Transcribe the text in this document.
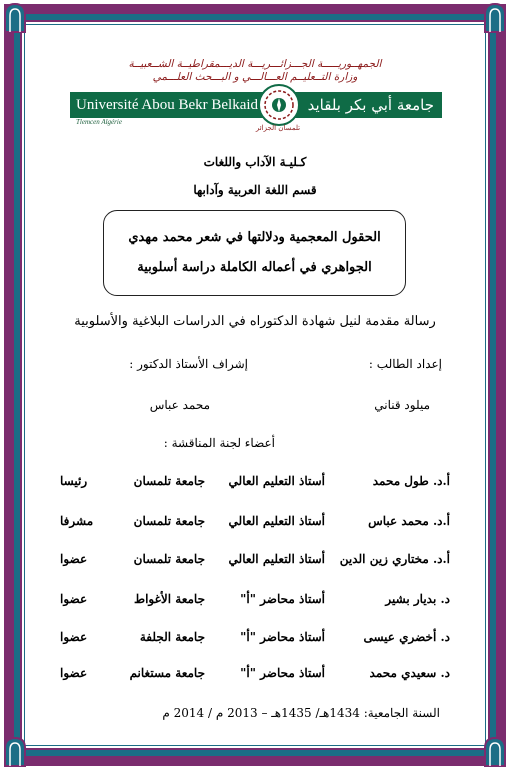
الجمهــوريـــــة الجـــزائـــريـــة الديـــمقراطيــة الشــعبيــة
وزارة التــعليــم العـــالـــي و البـــحث العلـــمي
Université Abou Bekr Belkaid	جامعة أبي بكر بلقايد
Tlemcen Algérie
تلمسان الجزائر
كـليـة الآداب واللغات
قسم اللغة العربية وآدابها
الحقول المعجمية ودلالتها في شعر محمد مهدي
الجواهري في أعماله الكاملة دراسة أسلوبية
رسالة مقدمة لنيل شهادة الدكتوراه في الدراسات البلاغية والأسلوبية
إعداد الطالب :
إشراف الأستاذ الدكتور :
ميلود قناني
محمد عباس
أعضاء لجنة المناقشة :
أ.د. طول محمد
أستاذ التعليم العالي
جامعة تلمسان
رئيسا
أ.د. محمد عباس
أستاذ التعليم العالي
جامعة تلمسان
مشرفا
أ.د. مختاري زين الدين
أستاذ التعليم العالي
جامعة تلمسان
عضوا
د. بديار بشير
أستاذ محاضر "أ"
جامعة الأغواط
عضوا
د. أخضري عيسى
أستاذ محاضر "أ"
جامعة الجلفة
عضوا
د. سعيدي محمد
أستاذ محاضر "أ"
جامعة مستغانم
عضوا
السنة الجامعية: 1434هـ/ 1435هـ – 2013 م / 2014 م
